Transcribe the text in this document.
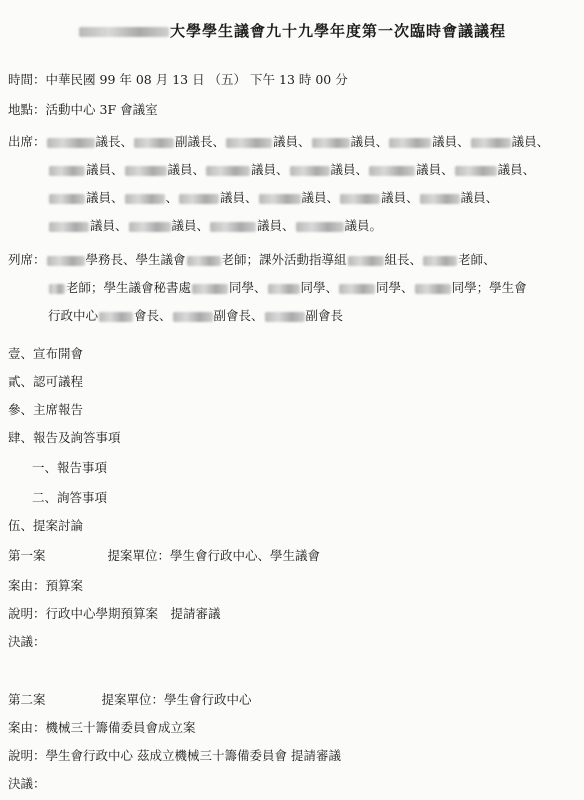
大學學生議會九十九學年度第一次臨時會議議程
時間：中華民國 99 年 08 月 13 日 （五） 下午 13 時 00 分
地點：活動中心 3F 會議室
出席：	議長、	副議長、	議員、	議員、	議員、	議員、
議員、	議員、	議員、	議員、	議員、	議員、
議員、	、	議員、	議員、	議員、	議員、
議員、	議員、	議員、	議員。
列席：	學務長、學生議會	老師；課外活動指導組	組長、	老師、
老師；學生議會秘書處	同學、	同學、	同學、	同學；學生會
行政中心	會長、	副會長、	副會長
壹、宣布開會
貳、認可議程
參、主席報告
肆、報告及詢答事項
一、報告事項
二、詢答事項
伍、提案討論
第一案	提案單位：學生會行政中心、學生議會
案由：預算案
說明：行政中心學期預算案　提請審議
決議：
第二案	提案單位：學生會行政中心
案由：機械三十籌備委員會成立案
說明：學生會行政中心 茲成立機械三十籌備委員會 提請審議
決議：
